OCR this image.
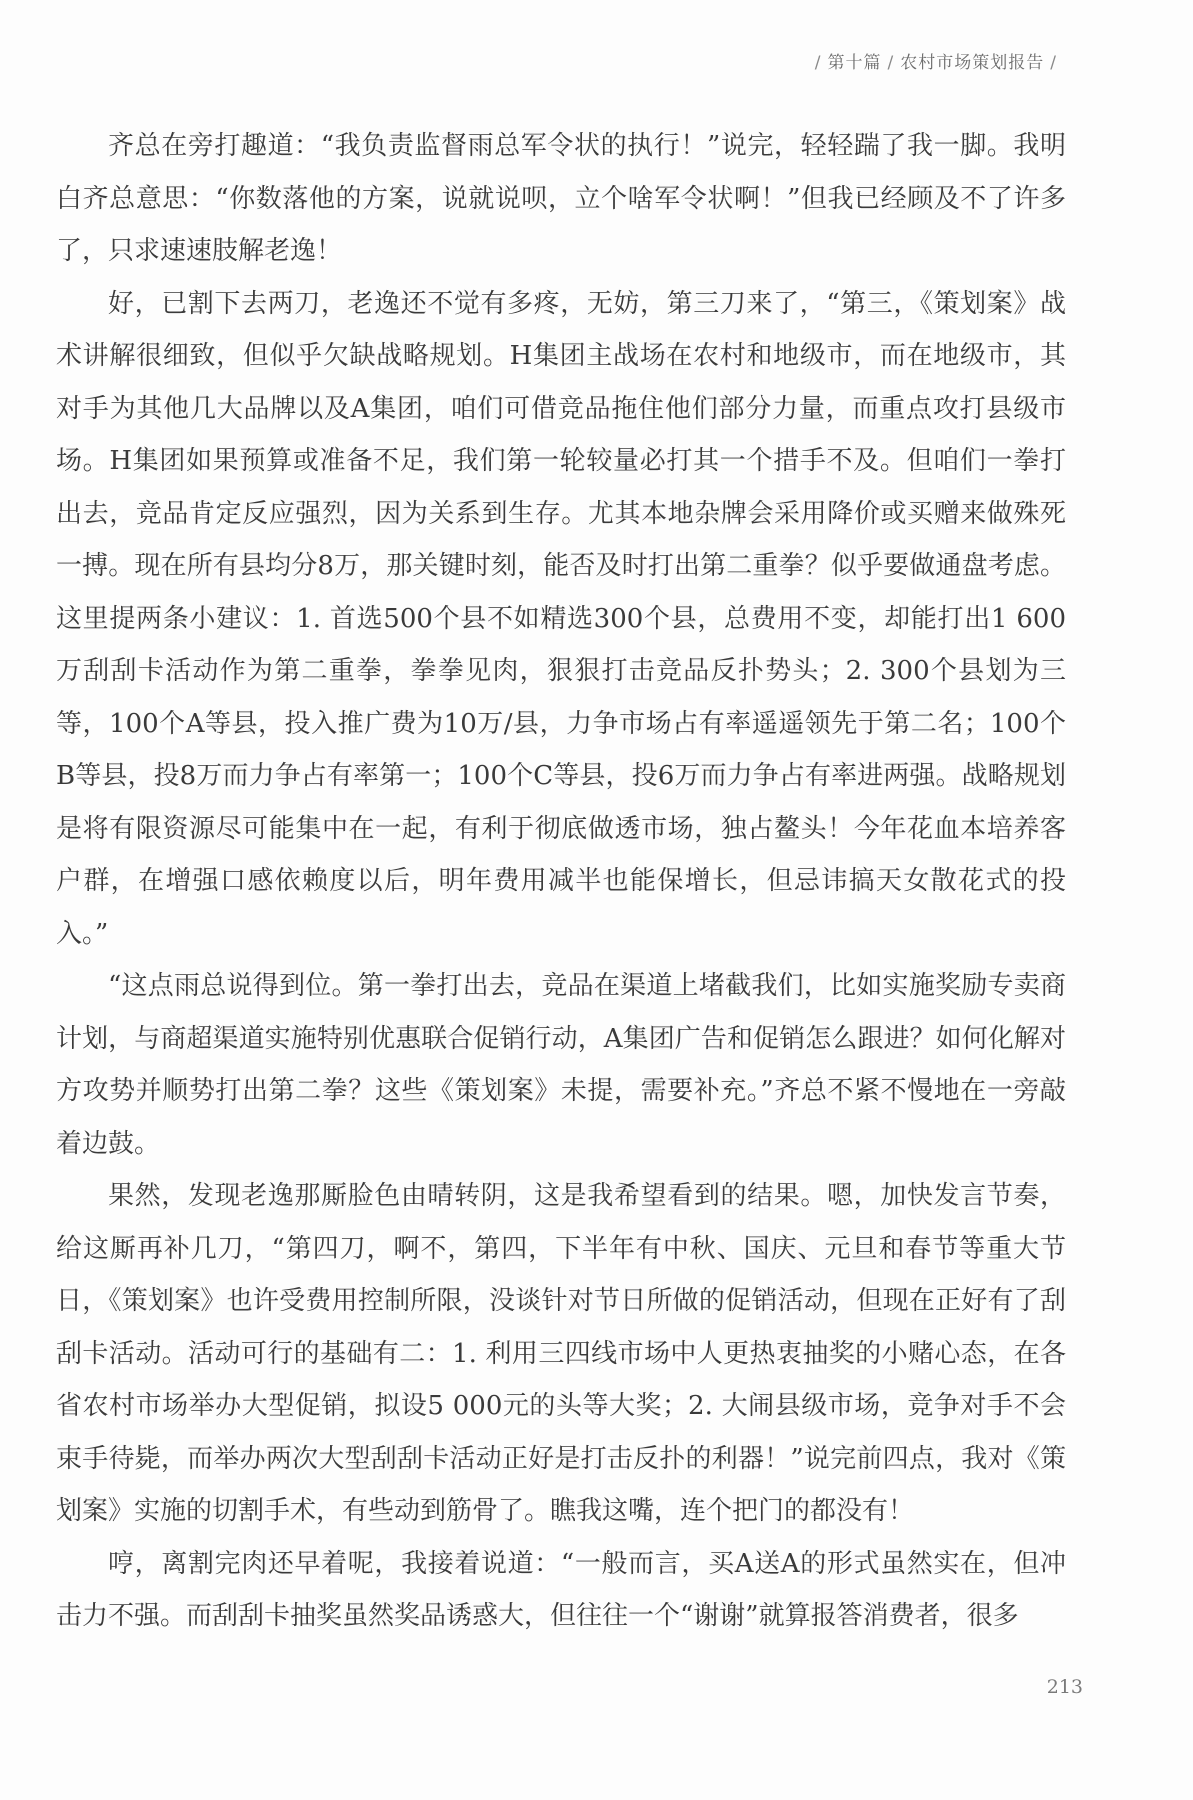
/ 第十篇 / 农村市场策划报告 /

齐总在旁打趣道：“我负责监督雨总军令状的执行！”说完，轻轻踹了我一脚。我明白齐总意思：“你数落他的方案，说就说呗，立个啥军令状啊！”但我已经顾及不了许多了，只求速速肢解老逸！

好，已割下去两刀，老逸还不觉有多疼，无妨，第三刀来了，“第三，《策划案》战术讲解很细致，但似乎欠缺战略规划。H集团主战场在农村和地级市，而在地级市，其对手为其他几大品牌以及A集团，咱们可借竞品拖住他们部分力量，而重点攻打县级市场。H集团如果预算或准备不足，我们第一轮较量必打其一个措手不及。但咱们一拳打出去，竞品肯定反应强烈，因为关系到生存。尤其本地杂牌会采用降价或买赠来做殊死一搏。现在所有县均分8万，那关键时刻，能否及时打出第二重拳？似乎要做通盘考虑。这里提两条小建议：1. 首选500个县不如精选300个县，总费用不变，却能打出1 600万刮刮卡活动作为第二重拳，拳拳见肉，狠狠打击竞品反扑势头；2. 300个县划为三等，100个A等县，投入推广费为10万/县，力争市场占有率遥遥领先于第二名；100个B等县，投8万而力争占有率第一；100个C等县，投6万而力争占有率进两强。战略规划是将有限资源尽可能集中在一起，有利于彻底做透市场，独占鳌头！今年花血本培养客户群，在增强口感依赖度以后，明年费用减半也能保增长，但忌讳搞天女散花式的投入。”

“这点雨总说得到位。第一拳打出去，竞品在渠道上堵截我们，比如实施奖励专卖商计划，与商超渠道实施特别优惠联合促销行动，A集团广告和促销怎么跟进？如何化解对方攻势并顺势打出第二拳？这些《策划案》未提，需要补充。”齐总不紧不慢地在一旁敲着边鼓。

果然，发现老逸那厮脸色由晴转阴，这是我希望看到的结果。嗯，加快发言节奏，给这厮再补几刀，“第四刀，啊不，第四，下半年有中秋、国庆、元旦和春节等重大节日，《策划案》也许受费用控制所限，没谈针对节日所做的促销活动，但现在正好有了刮刮卡活动。活动可行的基础有二：1. 利用三四线市场中人更热衷抽奖的小赌心态，在各省农村市场举办大型促销，拟设5 000元的头等大奖；2. 大闹县级市场，竞争对手不会束手待毙，而举办两次大型刮刮卡活动正好是打击反扑的利器！”说完前四点，我对《策划案》实施的切割手术，有些动到筋骨了。瞧我这嘴，连个把门的都没有！

哼，离割完肉还早着呢，我接着说道：“一般而言，买A送A的形式虽然实在，但冲击力不强。而刮刮卡抽奖虽然奖品诱惑大，但往往一个“谢谢”就算报答消费者，很多

213
